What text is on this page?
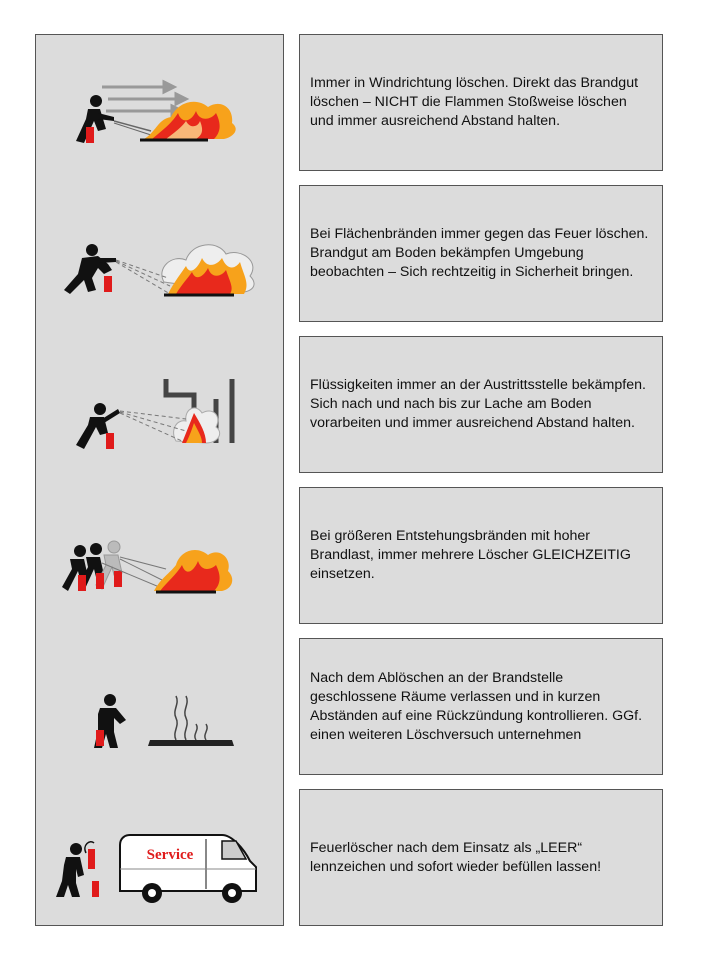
Service

Immer in Windrichtung löschen. Direkt das Brandgut löschen – NICHT die Flammen Stoßweise löschen und immer ausreichend Abstand halten.

Bei Flächenbränden immer gegen das Feuer löschen. Brandgut am Boden bekämpfen Umgebung beobachten – Sich rechtzeitig in Sicherheit bringen.

Flüssigkeiten immer an der Austrittsstelle bekämpfen. Sich nach und nach bis zur Lache am Boden vorarbeiten und immer ausreichend Abstand halten.

Bei größeren Entstehungsbränden mit hoher Brandlast, immer mehrere Löscher GLEICHZEITIG einsetzen.

Nach dem Ablöschen an der Brandstelle geschlossene Räume verlassen und in kurzen Abständen auf eine Rückzündung kontrollieren. GGf. einen weiteren Löschversuch unternehmen

Feuerlöscher nach dem Einsatz als „LEER“ lennzeichen und sofort wieder befüllen lassen!
